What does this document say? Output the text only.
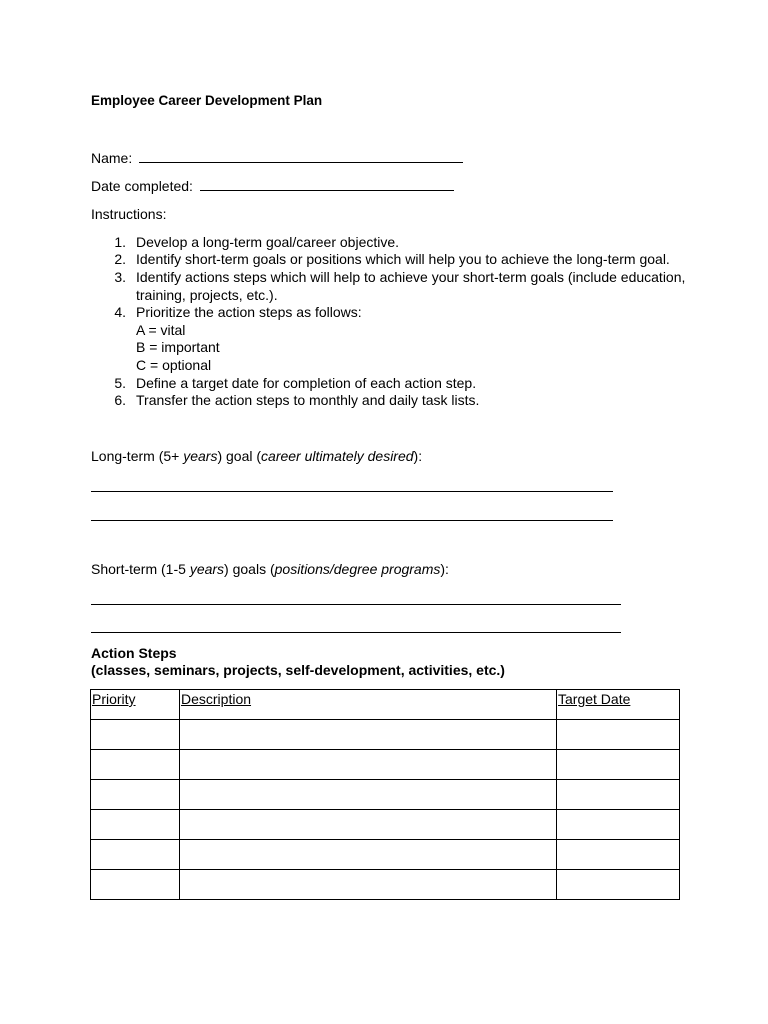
Employee Career Development Plan
Name:
Date completed:
Instructions:
1. Develop a long-term goal/career objective.
2. Identify short-term goals or positions which will help you to achieve the long-term goal.
3. Identify actions steps which will help to achieve your short-term goals (include education,
training, projects, etc.).
4. Prioritize the action steps as follows:
A = vital
B = important
C = optional
5. Define a target date for completion of each action step.
6. Transfer the action steps to monthly and daily task lists.
Long-term (5+ years) goal (career ultimately desired):
Short-term (1-5 years) goals (positions/degree programs):
Action Steps
(classes, seminars, projects, self-development, activities, etc.)
Priority	Description	Target Date
